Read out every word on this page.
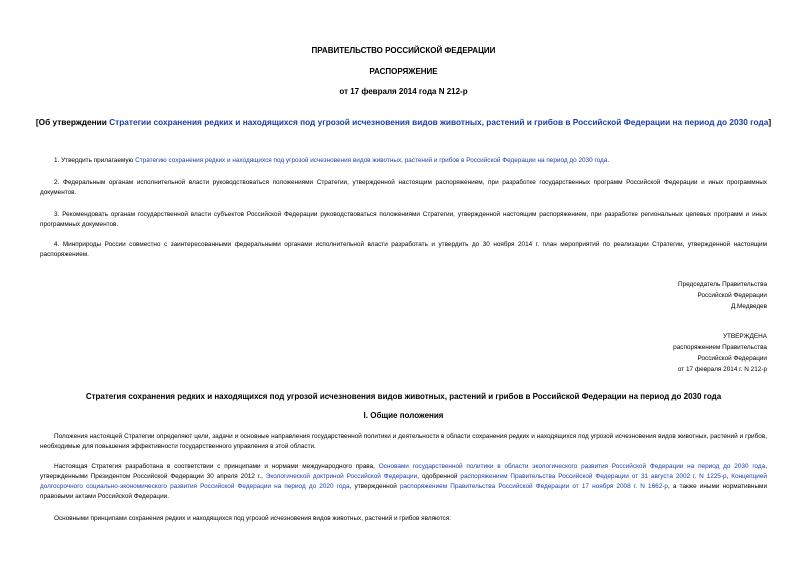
ПРАВИТЕЛЬСТВО РОССИЙСКОЙ ФЕДЕРАЦИИ
РАСПОРЯЖЕНИЕ
от 17 февраля 2014 года N 212-р
[Об утверждении Стратегии сохранения редких и находящихся под угрозой исчезновения видов животных, растений и грибов в Российской Федерации на период до 2030 года]
1. Утвердить прилагаемую Стратегию сохранения редких и находящихся под угрозой исчезновения видов животных, растений и грибов в Российской Федерации на период до 2030 года.
2. Федеральным органам исполнительной власти руководствоваться положениями Стратегии, утвержденной настоящим распоряжением, при разработке государственных программ Российской Федерации и иных программных документов.
3. Рекомендовать органам государственной власти субъектов Российской Федерации руководствоваться положениями Стратегии, утвержденной настоящим распоряжением, при разработке региональных целевых программ и иных программных документов.
4. Минприроды России совместно с заинтересованными федеральными органами исполнительной власти разработать и утвердить до 30 ноября 2014 г. план мероприятий по реализации Стратегии, утвержденной настоящим распоряжением.
Председатель Правительства
Российской Федерации
Д.Медведев
УТВЕРЖДЕНА
распоряжением Правительства
Российской Федерации
от 17 февраля 2014 г. N 212-р
Стратегия сохранения редких и находящихся под угрозой исчезновения видов животных, растений и грибов в Российской Федерации на период до 2030 года
I. Общие положения
Положения настоящей Стратегии определяют цели, задачи и основные направления государственной политики и деятельности в области сохранения редких и находящихся под угрозой исчезновения видов животных, растений и грибов, необходимые для повышения эффективности государственного управления в этой области.
Настоящая Стратегия разработана в соответствии с принципами и нормами международного права, Основами государственной политики в области экологического развития Российской Федерации на период до 2030 года, утвержденными Президентом Российской Федерации 30 апреля 2012 г., Экологической доктриной Российской Федерации, одобренной распоряжением Правительства Российской Федерации от 31 августа 2002 г. N 1225-р, Концепцией долгосрочного социально-экономического развития Российской Федерации на период до 2020 года, утвержденной распоряжением Правительства Российской Федерации от 17 ноября 2008 г. N 1662-р, а также иными нормативными правовыми актами Российской Федерации.
Основными принципами сохранения редких и находящихся под угрозой исчезновения видов животных, растений и грибов являются:
